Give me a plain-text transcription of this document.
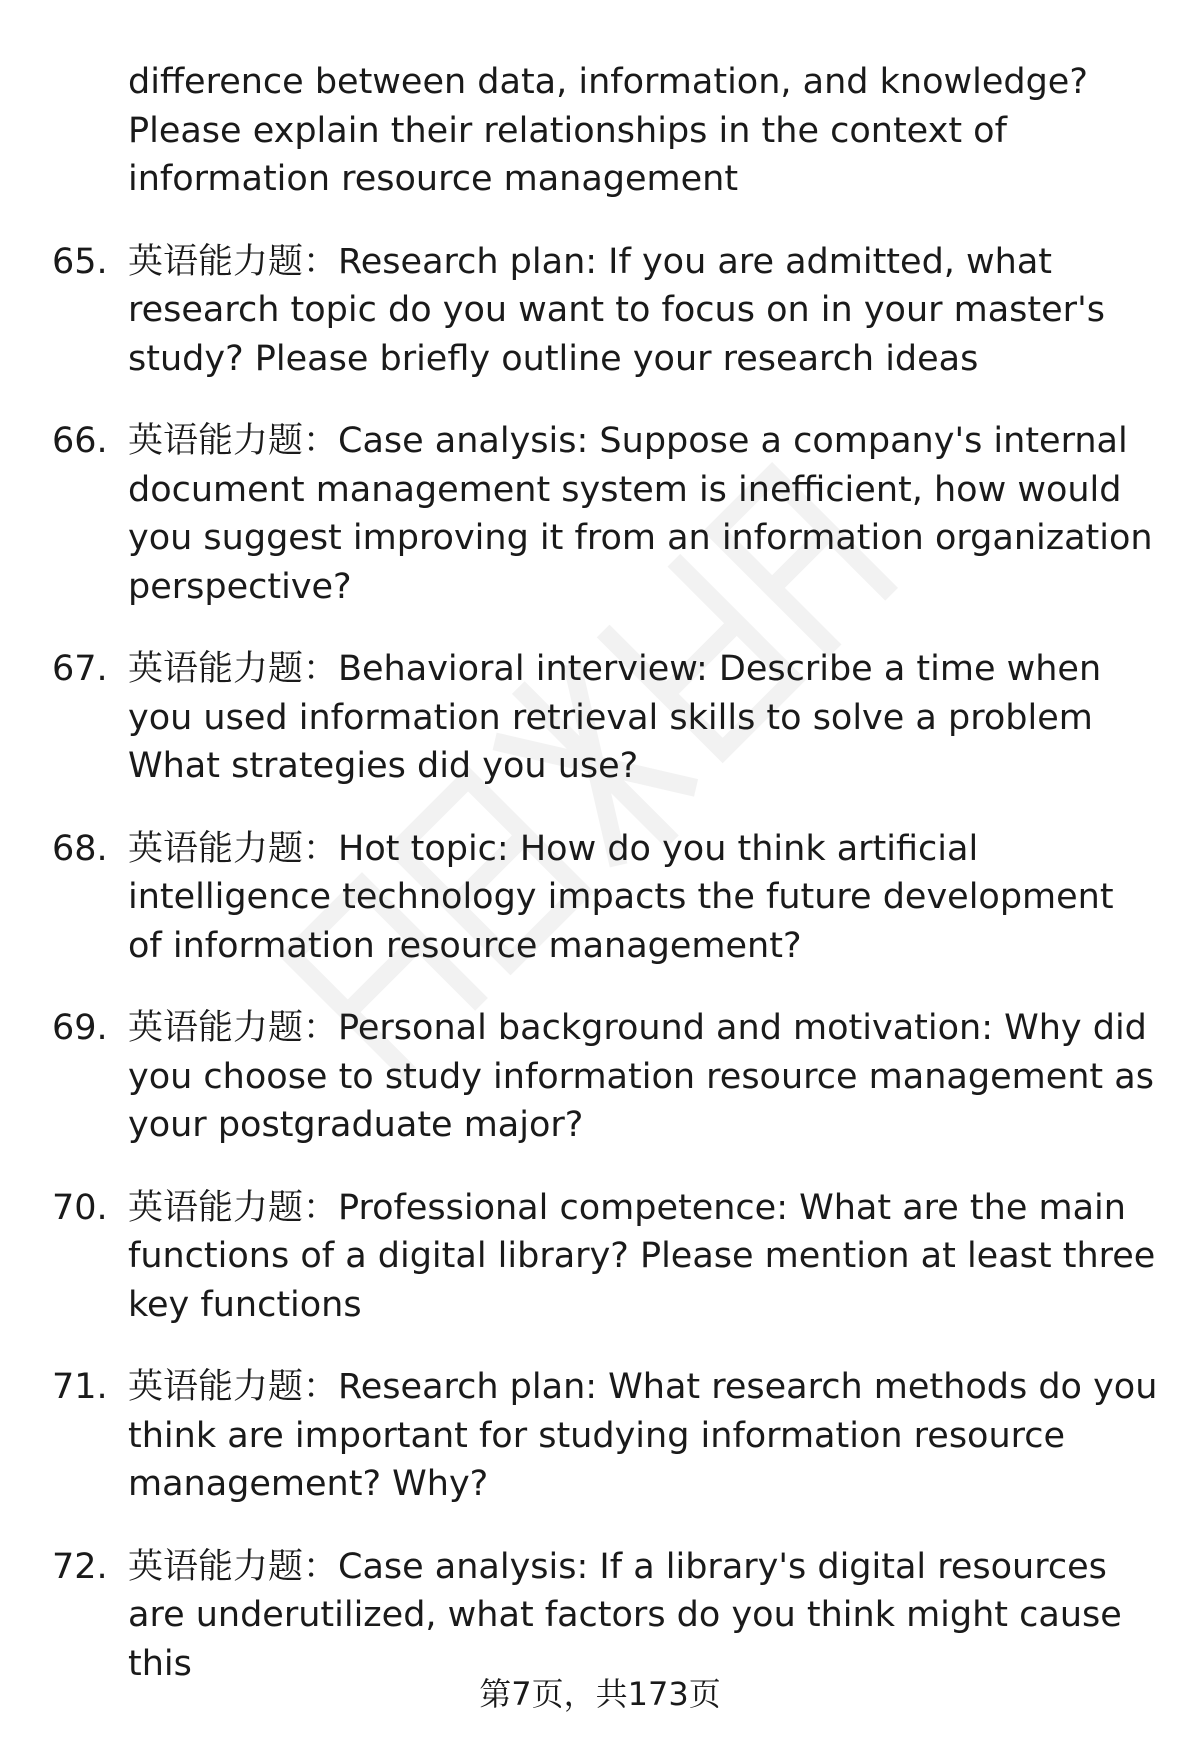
difference between data, information, and knowledge? Please explain their relationships in the context of information resource management
65. 英语能力题：Research plan: If you are admitted, what research topic do you want to focus on in your master's study? Please briefly outline your research ideas
66. 英语能力题：Case analysis: Suppose a company's internal document management system is inefficient, how would you suggest improving it from an information organization perspective?
67. 英语能力题：Behavioral interview: Describe a time when you used information retrieval skills to solve a problem What strategies did you use?
68. 英语能力题：Hot topic: How do you think artificial intelligence technology impacts the future development of information resource management?
69. 英语能力题：Personal background and motivation: Why did you choose to study information resource management as your postgraduate major?
70. 英语能力题：Professional competence: What are the main functions of a digital library? Please mention at least three key functions
71. 英语能力题：Research plan: What research methods do you think are important for studying information resource management? Why?
72. 英语能力题：Case analysis: If a library's digital resources are underutilized, what factors do you think might cause this
第7页，共173页
